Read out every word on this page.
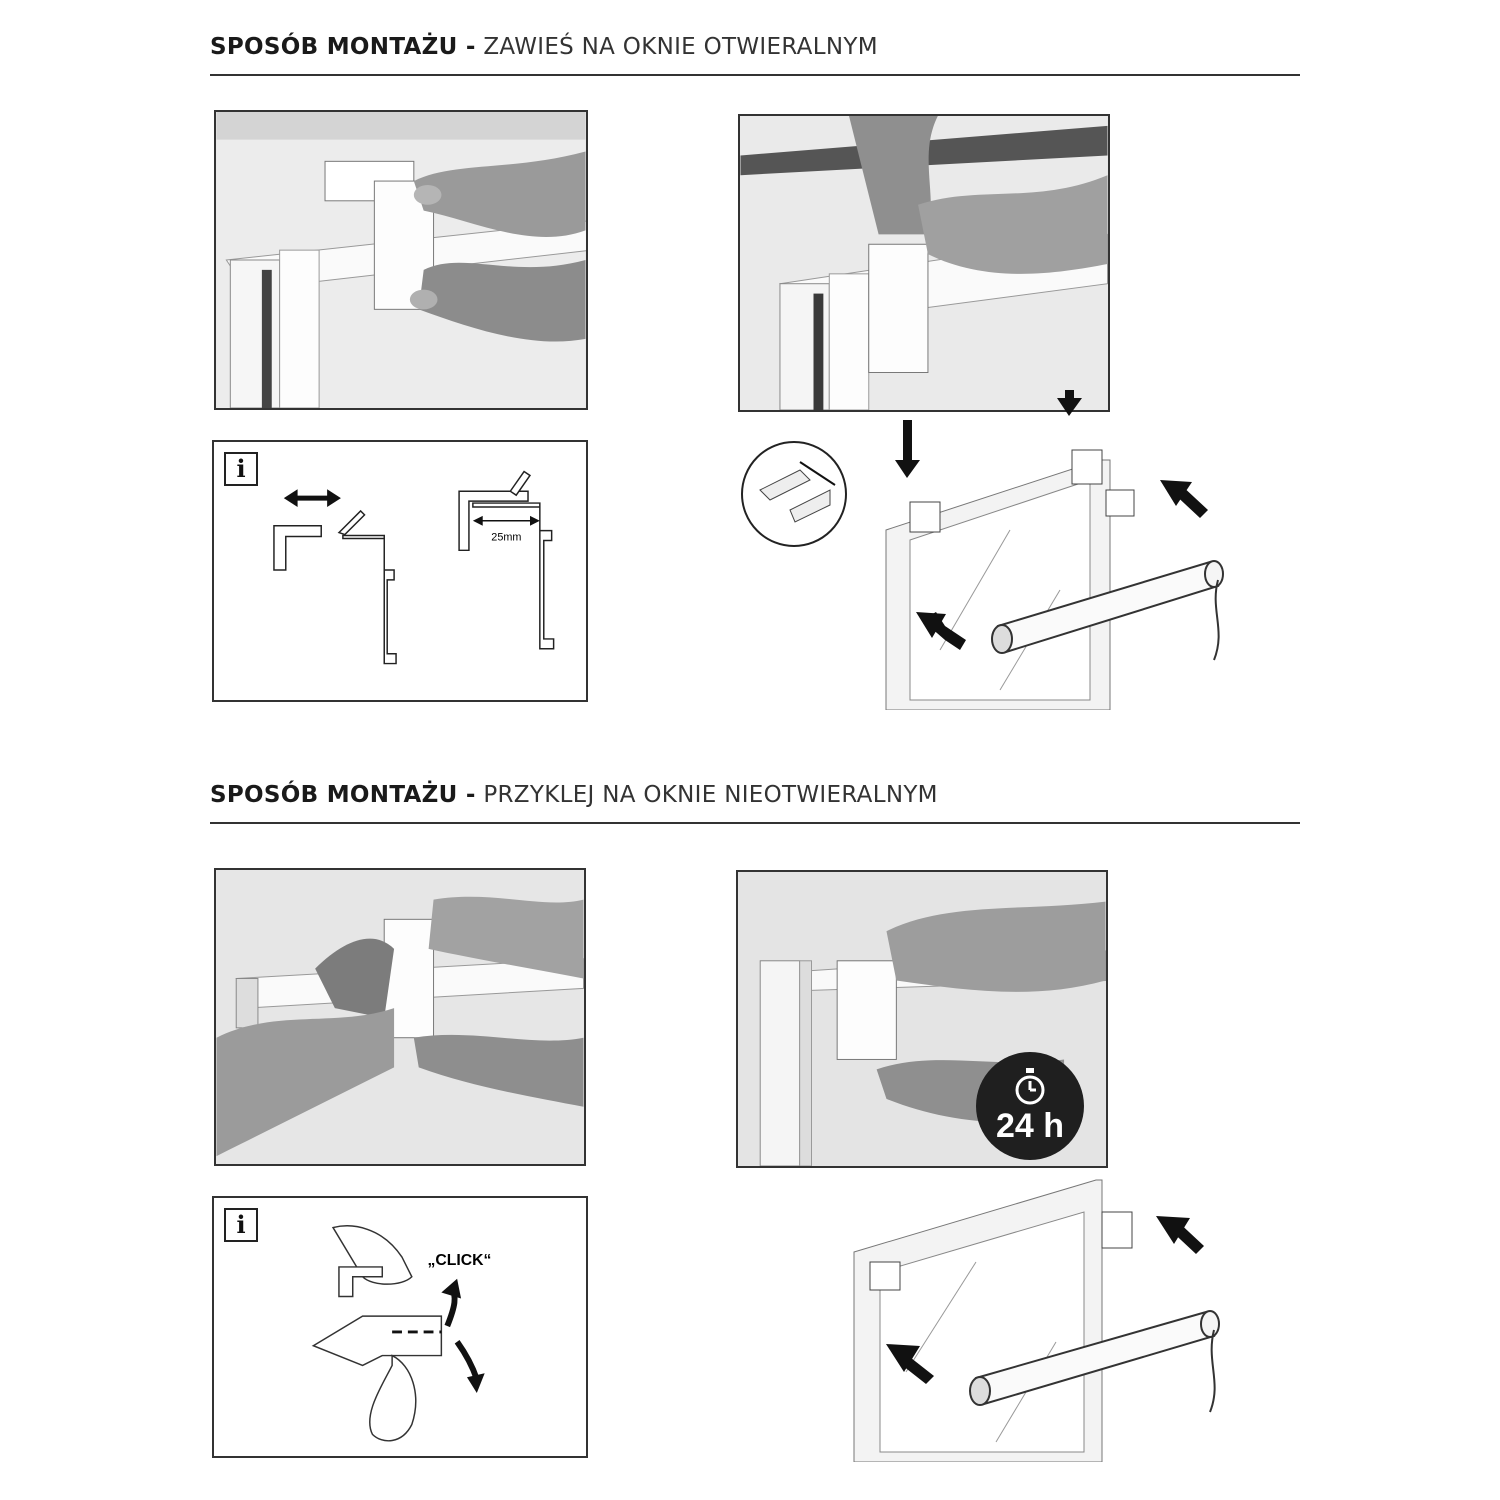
SPOSÓB MONTAŻU - ZAWIEŚ NA OKNIE OTWIERALNYM
i
25mm
SPOSÓB MONTAŻU - PRZYKLEJ NA OKNIE NIEOTWIERALNYM
24 h
i
„CLICK“
